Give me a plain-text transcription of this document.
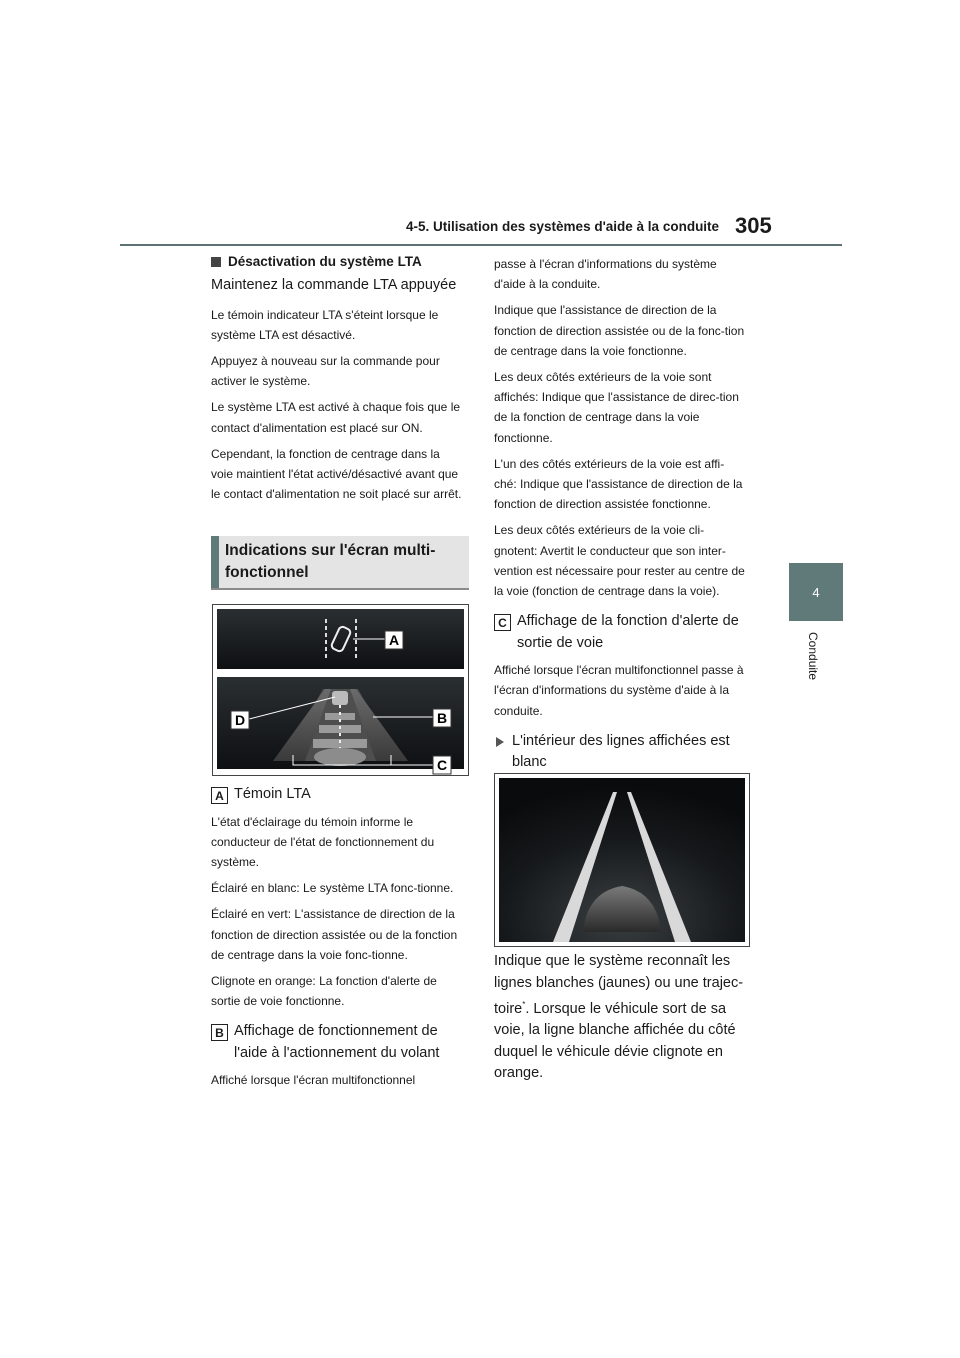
4-5. Utilisation des systèmes d'aide à la conduite 305
4
Conduite
Désactivation du système LTA

Maintenez la commande LTA appuyée

Le témoin indicateur LTA s'éteint lorsque le système LTA est désactivé.

Appuyez à nouveau sur la commande pour activer le système.

Le système LTA est activé à chaque fois que le contact d'alimentation est placé sur ON.

Cependant, la fonction de centrage dans la voie maintient l'état activé/désactivé avant que le contact d'alimentation ne soit placé sur arrêt.

Indications sur l'écran multi-fonctionnel
A
D	B
C
A Témoin LTA

L'état d'éclairage du témoin informe le conducteur de l'état de fonctionnement du système.

Éclairé en blanc: Le système LTA fonc-tionne.

Éclairé en vert: L'assistance de direction de la fonction de direction assistée ou de la fonction de centrage dans la voie fonc-tionne.

Clignote en orange: La fonction d'alerte de sortie de voie fonctionne.

B Affichage de fonctionnement de l'aide à l'actionnement du volant

Affiché lorsque l'écran multifonctionnel

passe à l'écran d'informations du système d'aide à la conduite.

Indique que l'assistance de direction de la fonction de direction assistée ou de la fonc-tion de centrage dans la voie fonctionne.

Les deux côtés extérieurs de la voie sont affichés: Indique que l'assistance de direc-tion de la fonction de centrage dans la voie fonctionne.

L'un des côtés extérieurs de la voie est affi-ché: Indique que l'assistance de direction de la fonction de direction assistée fonctionne.

Les deux côtés extérieurs de la voie cli-gnotent: Avertit le conducteur que son inter-vention est nécessaire pour rester au centre de la voie (fonction de centrage dans la voie).

C Affichage de la fonction d'alerte de sortie de voie

Affiché lorsque l'écran multifonctionnel passe à l'écran d'informations du système d'aide à la conduite.

L'intérieur des lignes affichées est blanc

Indique que le système reconnaît les lignes blanches (jaunes) ou une trajec-toire*. Lorsque le véhicule sort de sa voie, la ligne blanche affichée du côté duquel le véhicule dévie clignote en orange.
